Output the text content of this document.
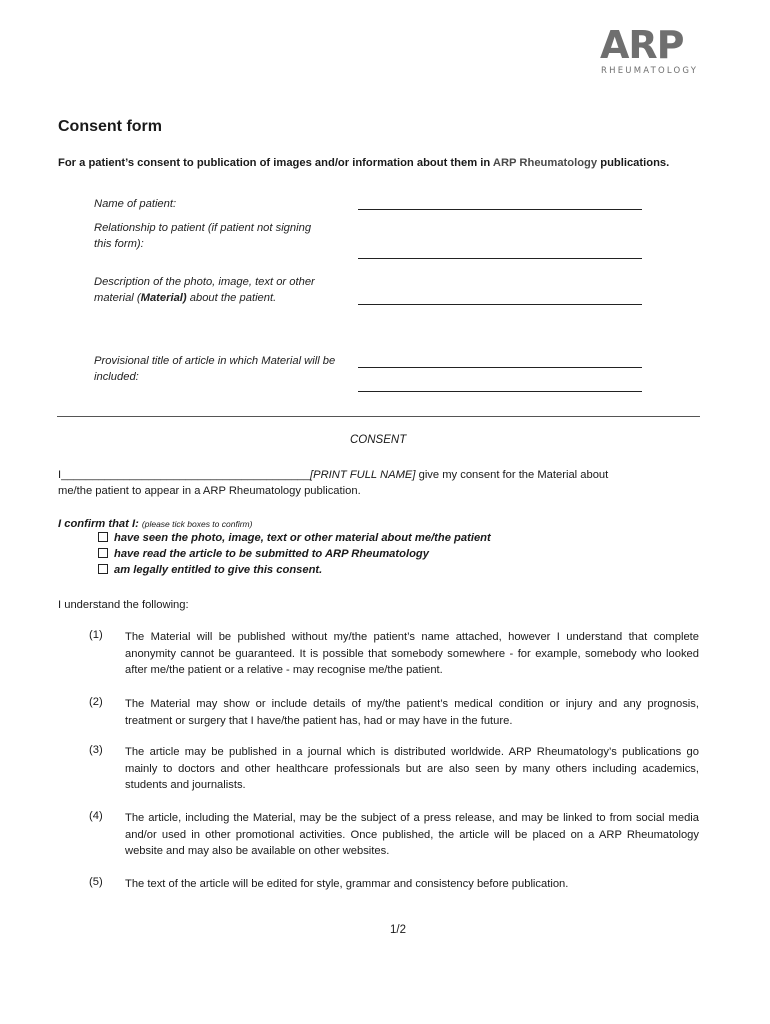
ARP
RHEUMATOLOGY
Consent form
For a patient’s consent to publication of images and/or information about them in ARP Rheumatology publications.
Name of patient:
Relationship to patient (if patient not signing this form):
Description of the photo, image, text or other material (Material) about the patient.
Provisional title of article in which Material will be included:
CONSENT
I________________________________________[PRINT FULL NAME] give my consent for the Material about
me/the patient to appear in a ARP Rheumatology publication.
I confirm that I: (please tick boxes to confirm)
have seen the photo, image, text or other material about me/the patient
have read the article to be submitted to ARP Rheumatology
am legally entitled to give this consent.
I understand the following:
(1) The Material will be published without my/the patient’s name attached, however I understand that complete anonymity cannot be guaranteed. It is possible that somebody somewhere - for example, somebody who looked after me/the patient or a relative - may recognise me/the patient.
(2) The Material may show or include details of my/the patient’s medical condition or injury and any prognosis, treatment or surgery that I have/the patient has, had or may have in the future.
(3) The article may be published in a journal which is distributed worldwide. ARP Rheumatology’s publications go mainly to doctors and other healthcare professionals but are also seen by many others including academics, students and journalists.
(4) The article, including the Material, may be the subject of a press release, and may be linked to from social media and/or used in other promotional activities. Once published, the article will be placed on a ARP Rheumatology website and may also be available on other websites.
(5) The text of the article will be edited for style, grammar and consistency before publication.
1/2
